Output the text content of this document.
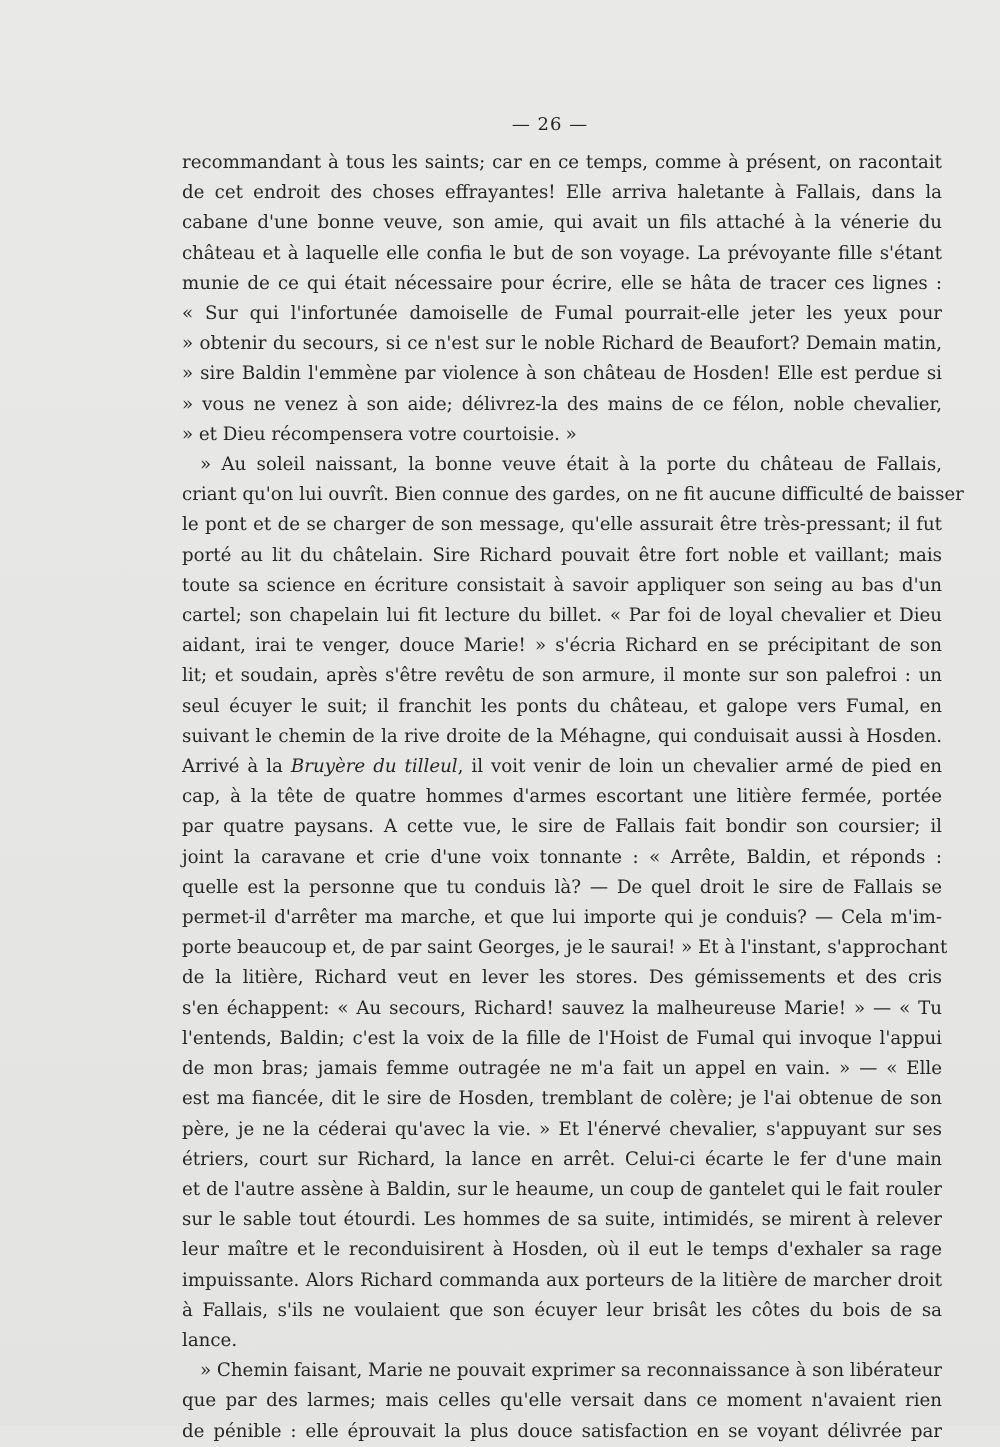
— 26 —
recommandant à tous les saints; car en ce temps, comme à présent, on racontait
de cet endroit des choses effrayantes! Elle arriva haletante à Fallais, dans la
cabane d'une bonne veuve, son amie, qui avait un fils attaché à la vénerie du
château et à laquelle elle confia le but de son voyage. La prévoyante fille s'étant
munie de ce qui était nécessaire pour écrire, elle se hâta de tracer ces lignes :
« Sur qui l'infortunée damoiselle de Fumal pourrait-elle jeter les yeux pour
» obtenir du secours, si ce n'est sur le noble Richard de Beaufort? Demain matin,
» sire Baldin l'emmène par violence à son château de Hosden! Elle est perdue si
» vous ne venez à son aide; délivrez-la des mains de ce félon, noble chevalier,
» et Dieu récompensera votre courtoisie. »
» Au soleil naissant, la bonne veuve était à la porte du château de Fallais,
criant qu'on lui ouvrît. Bien connue des gardes, on ne fit aucune difficulté de baisser
le pont et de se charger de son message, qu'elle assurait être très-pressant; il fut
porté au lit du châtelain. Sire Richard pouvait être fort noble et vaillant; mais
toute sa science en écriture consistait à savoir appliquer son seing au bas d'un
cartel; son chapelain lui fit lecture du billet. « Par foi de loyal chevalier et Dieu
aidant, irai te venger, douce Marie! » s'écria Richard en se précipitant de son
lit; et soudain, après s'être revêtu de son armure, il monte sur son palefroi : un
seul écuyer le suit; il franchit les ponts du château, et galope vers Fumal, en
suivant le chemin de la rive droite de la Méhagne, qui conduisait aussi à Hosden.
Arrivé à la Bruyère du tilleul, il voit venir de loin un chevalier armé de pied en
cap, à la tête de quatre hommes d'armes escortant une litière fermée, portée
par quatre paysans. A cette vue, le sire de Fallais fait bondir son coursier; il
joint la caravane et crie d'une voix tonnante : « Arrête, Baldin, et réponds :
quelle est la personne que tu conduis là? — De quel droit le sire de Fallais se
permet-il d'arrêter ma marche, et que lui importe qui je conduis? — Cela m'im-
porte beaucoup et, de par saint Georges, je le saurai! » Et à l'instant, s'approchant
de la litière, Richard veut en lever les stores. Des gémissements et des cris
s'en échappent: « Au secours, Richard! sauvez la malheureuse Marie! » — « Tu
l'entends, Baldin; c'est la voix de la fille de l'Hoist de Fumal qui invoque l'appui
de mon bras; jamais femme outragée ne m'a fait un appel en vain. » — « Elle
est ma fiancée, dit le sire de Hosden, tremblant de colère; je l'ai obtenue de son
père, je ne la céderai qu'avec la vie. » Et l'énervé chevalier, s'appuyant sur ses
étriers, court sur Richard, la lance en arrêt. Celui-ci écarte le fer d'une main
et de l'autre assène à Baldin, sur le heaume, un coup de gantelet qui le fait rouler
sur le sable tout étourdi. Les hommes de sa suite, intimidés, se mirent à relever
leur maître et le reconduisirent à Hosden, où il eut le temps d'exhaler sa rage
impuissante. Alors Richard commanda aux porteurs de la litière de marcher droit
à Fallais, s'ils ne voulaient que son écuyer leur brisât les côtes du bois de sa
lance.
» Chemin faisant, Marie ne pouvait exprimer sa reconnaissance à son libérateur
que par des larmes; mais celles qu'elle versait dans ce moment n'avaient rien
de pénible : elle éprouvait la plus douce satisfaction en se voyant délivrée par
